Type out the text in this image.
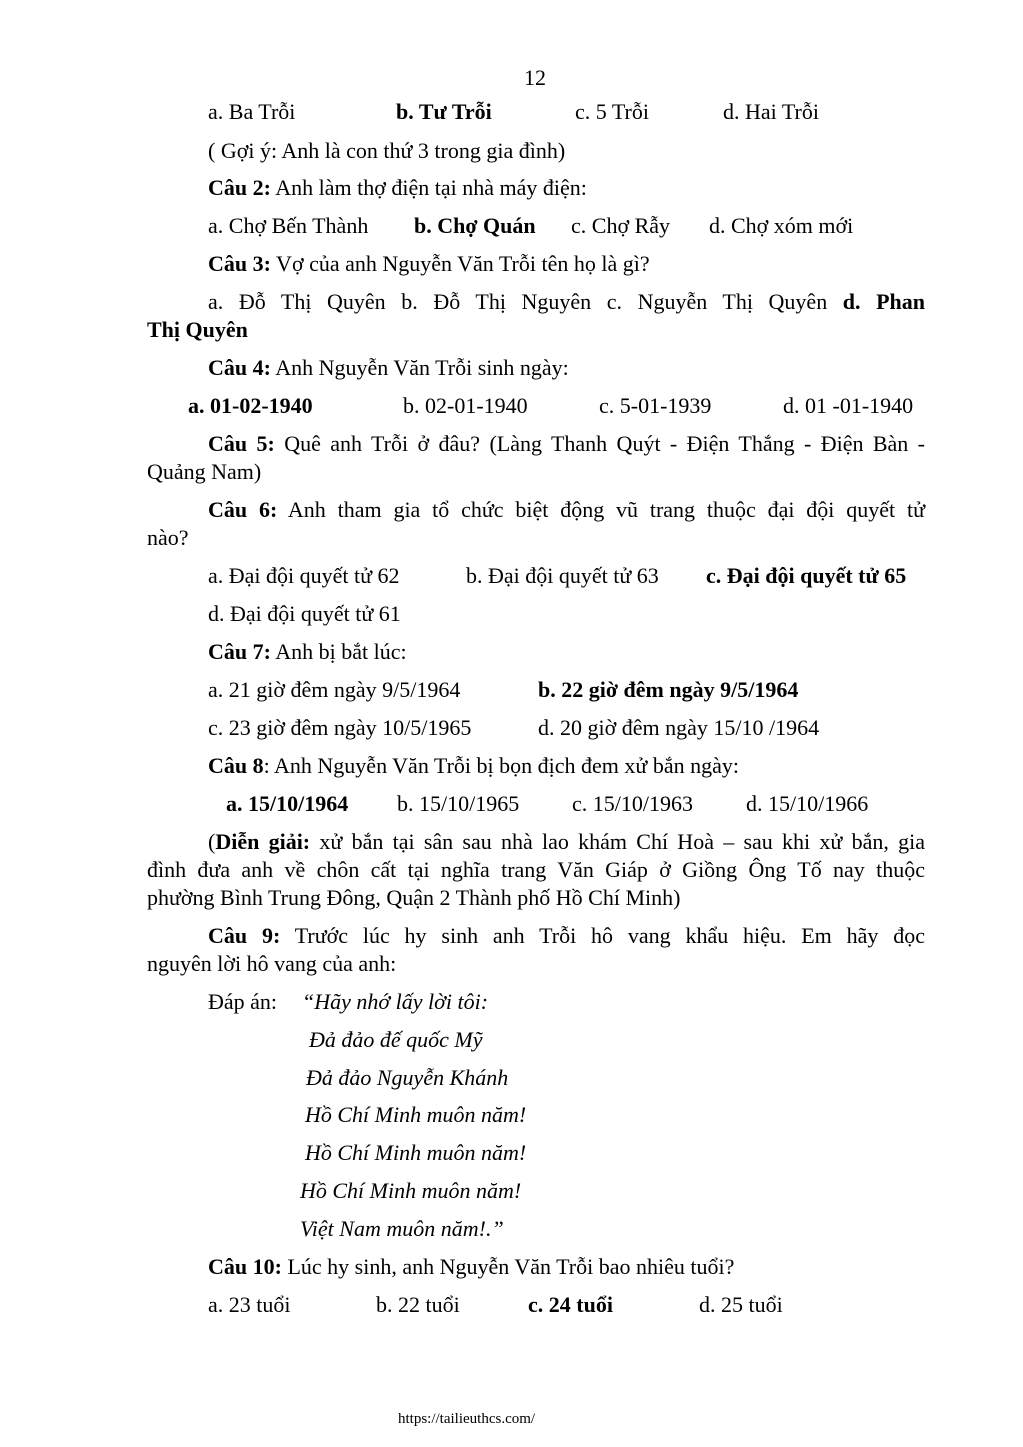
12
a. Ba Trỗi	b. Tư Trỗi	c. 5 Trỗi	d. Hai Trỗi
( Gợi ý: Anh là con thứ 3 trong gia đình)
Câu 2: Anh làm thợ điện tại nhà máy điện:
a. Chợ Bến Thành b. Chợ Quán c. Chợ Rẫy d. Chợ xóm mới
Câu 3: Vợ của anh Nguyễn Văn Trỗi tên họ là gì?
a. Đỗ Thị Quyên b. Đỗ Thị Nguyên c. Nguyễn Thị Quyên d. Phan
Thị Quyên
Câu 4: Anh Nguyễn Văn Trỗi sinh ngày:
a. 01-02-1940	b. 02-01-1940	c. 5-01-1939	d. 01 -01-1940
Câu 5: Quê anh Trỗi ở đâu? (Làng Thanh Quýt - Điện Thắng - Điện Bàn -
Quảng Nam)
Câu 6: Anh tham gia tổ chức biệt động vũ trang thuộc đại đội quyết tử
nào?
a. Đại đội quyết tử 62	b. Đại đội quyết tử 63 c. Đại đội quyết tử 65
d. Đại đội quyết tử 61
Câu 7: Anh bị bắt lúc:
a. 21 giờ đêm ngày 9/5/1964	b. 22 giờ đêm ngày 9/5/1964
c. 23 giờ đêm ngày 10/5/1965	d. 20 giờ đêm ngày 15/10 /1964
Câu 8: Anh Nguyễn Văn Trỗi bị bọn địch đem xử bắn ngày:
a. 15/10/1964 b. 15/10/1965 c. 15/10/1963 d. 15/10/1966
(Diễn giải: xử bắn tại sân sau nhà lao khám Chí Hoà – sau khi xử bắn, gia
đình đưa anh về chôn cất tại nghĩa trang Văn Giáp ở Giồng Ông Tố nay thuộc
phường Bình Trung Đông, Quận 2 Thành phố Hồ Chí Minh)
Câu 9: Trước lúc hy sinh anh Trỗi hô vang khẩu hiệu. Em hãy đọc
nguyên lời hô vang của anh:
Đáp án: “Hãy nhớ lấy lời tôi:
Đả đảo đế quốc Mỹ
Đả đảo Nguyễn Khánh
Hồ Chí Minh muôn năm!
Hồ Chí Minh muôn năm!
Hồ Chí Minh muôn năm!
Việt Nam muôn năm!.”
Câu 10: Lúc hy sinh, anh Nguyễn Văn Trỗi bao nhiêu tuổi?
a. 23 tuổi	b. 22 tuổi	c. 24 tuổi	d. 25 tuổi
https://tailieuthcs.com/
